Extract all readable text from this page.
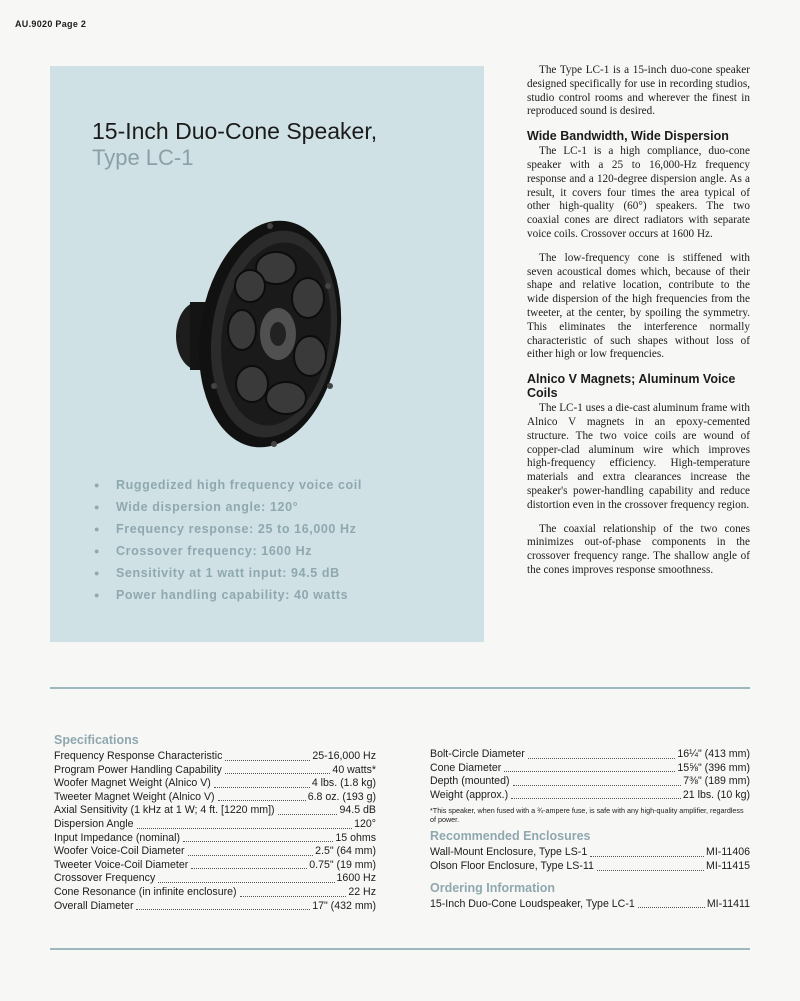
AU.9020 Page 2
15-Inch Duo-Cone Speaker,
Type LC-1
● Ruggedized high frequency voice coil
● Wide dispersion angle: 120°
● Frequency response: 25 to 16,000 Hz
● Crossover frequency: 1600 Hz
● Sensitivity at 1 watt input: 94.5 dB
● Power handling capability: 40 watts

The Type LC-1 is a 15-inch duo-cone speaker designed specifically for use in recording studios, studio control rooms and wherever the finest in reproduced sound is desired.

Wide Bandwidth, Wide Dispersion

The LC-1 is a high compliance, duo-cone speaker with a 25 to 16,000-Hz frequency response and a 120-degree dispersion angle. As a result, it covers four times the area typical of other high-quality (60°) speakers. The two coaxial cones are direct radiators with separate voice coils. Crossover occurs at 1600 Hz.

The low-frequency cone is stiffened with seven acoustical domes which, because of their shape and relative location, contribute to the wide dispersion of the high frequencies from the tweeter, at the center, by spoiling the symmetry. This eliminates the interference normally characteristic of such shapes without loss of either high or low frequencies.

Alnico V Magnets; Aluminum Voice Coils

The LC-1 uses a die-cast aluminum frame with Alnico V magnets in an epoxy-cemented structure. The two voice coils are wound of copper-clad aluminum wire which improves high-frequency efficiency. High-temperature materials and extra clearances increase the speaker's power-handling capability and reduce distortion even in the crossover frequency region.

The coaxial relationship of the two cones minimizes out-of-phase components in the crossover frequency range. The shallow angle of the cones improves response smoothness.

Specifications
Frequency Response Characteristic	25-16,000 Hz
Program Power Handling Capability	40 watts*
Woofer Magnet Weight (Alnico V)	4 lbs. (1.8 kg)
Tweeter Magnet Weight (Alnico V)	6.8 oz. (193 g)
Axial Sensitivity (1 kHz at 1 W; 4 ft. [1220 mm])	94.5 dB
Dispersion Angle	120°
Input Impedance (nominal)	15 ohms
Woofer Voice-Coil Diameter	2.5" (64 mm)
Tweeter Voice-Coil Diameter	0.75" (19 mm)
Crossover Frequency	1600 Hz
Cone Resonance (in infinite enclosure)	22 Hz
Overall Diameter	17" (432 mm)
Bolt-Circle Diameter	16¼" (413 mm)
Cone Diameter	15⅝" (396 mm)
Depth (mounted)	7⅜" (189 mm)
Weight (approx.)	21 lbs. (10 kg)
*This speaker, when fused with a ¾-ampere fuse, is safe with any high-quality amplifier, regardless of power.
Recommended Enclosures
Wall-Mount Enclosure, Type LS-1	MI-11406
Olson Floor Enclosure, Type LS-11	MI-11415
Ordering Information
15-Inch Duo-Cone Loudspeaker, Type LC-1	MI-11411
